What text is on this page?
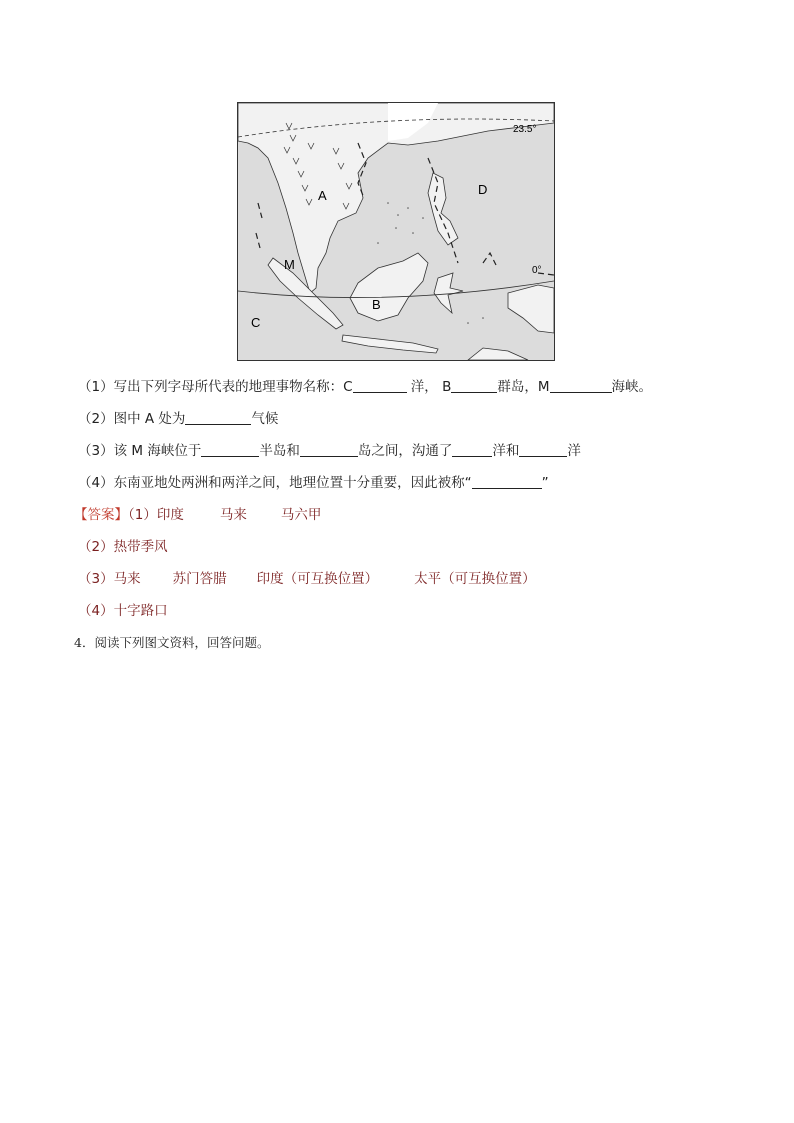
23.5°
0°
A
B
C
D
M
（1）写出下列字母所代表的地理事物名称：C	洋， B	群岛，M	海峡。
（2）图中 A 处为	气候
（3）该 M 海峡位于	半岛和	岛之间，沟通了	洋和	洋
（4）东南亚地处两洲和两洋之间，地理位置十分重要，因此被称“	”
【答案】（1）印度	马来	马六甲
（2）热带季风
（3）马来 苏门答腊 印度（可互换位置）	太平（可互换位置）
（4）十字路口
4．阅读下列图文资料，回答问题。
